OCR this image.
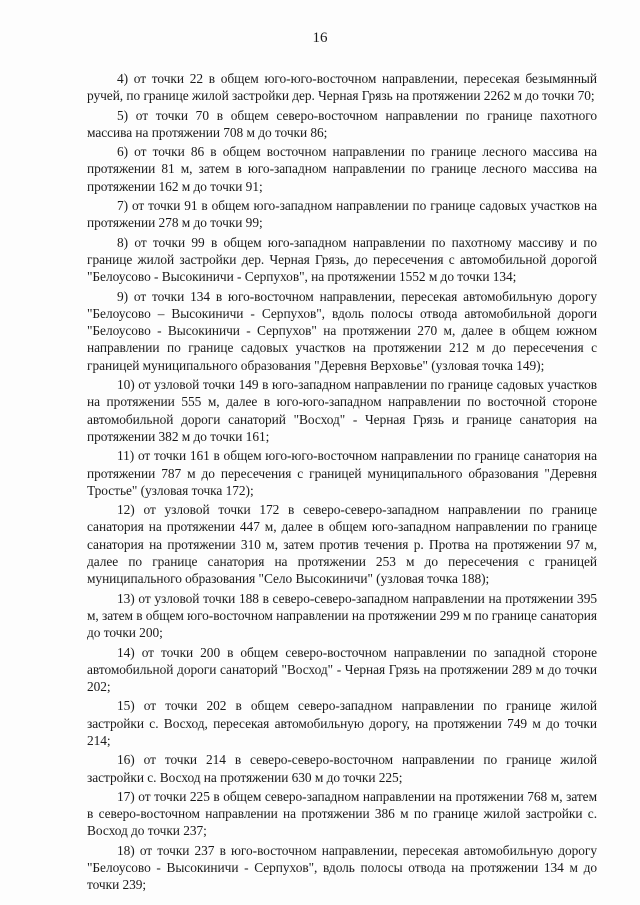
16

4) от точки 22 в общем юго-юго-восточном направлении, пересекая безымянный ручей, по границе жилой застройки дер. Черная Грязь на протяжении 2262 м до точки 70;

5) от точки 70 в общем северо-восточном направлении по границе пахотного массива на протяжении 708 м до точки 86;

6) от точки 86 в общем восточном направлении по границе лесного массива на протяжении 81 м, затем в юго-западном направлении по границе лесного массива на протяжении 162 м до точки 91;

7) от точки 91 в общем юго-западном направлении по границе садовых участков на протяжении 278 м до точки 99;

8) от точки 99 в общем юго-западном направлении по пахотному массиву и по границе жилой застройки дер. Черная Грязь, до пересечения с автомобильной дорогой "Белоусово - Высокиничи - Серпухов", на протяжении 1552 м до точки 134;

9) от точки 134 в юго-восточном направлении, пересекая автомобильную дорогу "Белоусово – Высокиничи - Серпухов", вдоль полосы отвода автомобильной дороги "Белоусово - Высокиничи - Серпухов" на протяжении 270 м, далее в общем южном направлении по границе садовых участков на протяжении 212 м до пересечения с границей муниципального образования "Деревня Верховье" (узловая точка 149);

10) от узловой точки 149 в юго-западном направлении по границе садовых участков на протяжении 555 м, далее в юго-юго-западном направлении по восточной стороне автомобильной дороги санаторий "Восход" - Черная Грязь и границе санатория на протяжении 382 м до точки 161;

11) от точки 161 в общем юго-юго-восточном направлении по границе санатория на протяжении 787 м до пересечения с границей муниципального образования "Деревня Тростье" (узловая точка 172);

12) от узловой точки 172 в северо-северо-западном направлении по границе санатория на протяжении 447 м, далее в общем юго-западном направлении по границе санатория на протяжении 310 м, затем против течения р. Протва на протяжении 97 м, далее по границе санатория на протяжении 253 м до пересечения с границей муниципального образования "Село Высокиничи" (узловая точка 188);

13) от узловой точки 188 в северо-северо-западном направлении на протяжении 395 м, затем в общем юго-восточном направлении на протяжении 299 м по границе санатория до точки 200;

14) от точки 200 в общем северо-восточном направлении по западной стороне автомобильной дороги санаторий "Восход" - Черная Грязь на протяжении 289 м до точки 202;

15) от точки 202 в общем северо-западном направлении по границе жилой застройки с. Восход, пересекая автомобильную дорогу, на протяжении 749 м до точки 214;

16) от точки 214 в северо-северо-восточном направлении по границе жилой застройки с. Восход на протяжении 630 м до точки 225;

17) от точки 225 в общем северо-западном направлении на протяжении 768 м, затем в северо-восточном направлении на протяжении 386 м по границе жилой застройки с. Восход до точки 237;

18) от точки 237 в юго-восточном направлении, пересекая автомобильную дорогу "Белоусово - Высокиничи - Серпухов", вдоль полосы отвода на протяжении 134 м до точки 239;
